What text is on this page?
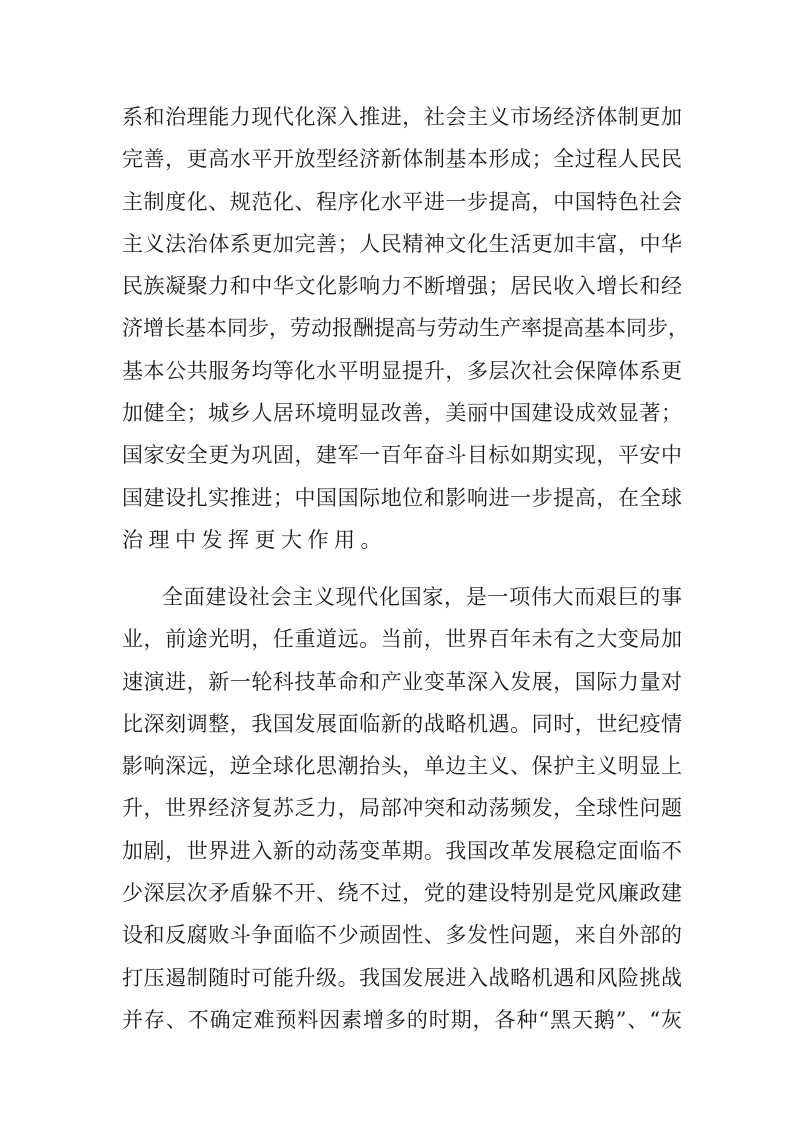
系和治理能力现代化深入推进，社会主义市场经济体制更加
完善，更高水平开放型经济新体制基本形成；全过程人民民
主制度化、规范化、程序化水平进一步提高，中国特色社会
主义法治体系更加完善；人民精神文化生活更加丰富，中华
民族凝聚力和中华文化影响力不断增强；居民收入增长和经
济增长基本同步，劳动报酬提高与劳动生产率提高基本同步，
基本公共服务均等化水平明显提升，多层次社会保障体系更
加健全；城乡人居环境明显改善，美丽中国建设成效显著；
国家安全更为巩固，建军一百年奋斗目标如期实现，平安中
国建设扎实推进；中国国际地位和影响进一步提高，在全球
治理中发挥更大作用。
全面建设社会主义现代化国家，是一项伟大而艰巨的事
业，前途光明，任重道远。当前，世界百年未有之大变局加
速演进，新一轮科技革命和产业变革深入发展，国际力量对
比深刻调整，我国发展面临新的战略机遇。同时，世纪疫情
影响深远，逆全球化思潮抬头，单边主义、保护主义明显上
升，世界经济复苏乏力，局部冲突和动荡频发，全球性问题
加剧，世界进入新的动荡变革期。我国改革发展稳定面临不
少深层次矛盾躲不开、绕不过，党的建设特别是党风廉政建
设和反腐败斗争面临不少顽固性、多发性问题，来自外部的
打压遏制随时可能升级。我国发展进入战略机遇和风险挑战
并存、不确定难预料因素增多的时期，各种“黑天鹅”、“灰
